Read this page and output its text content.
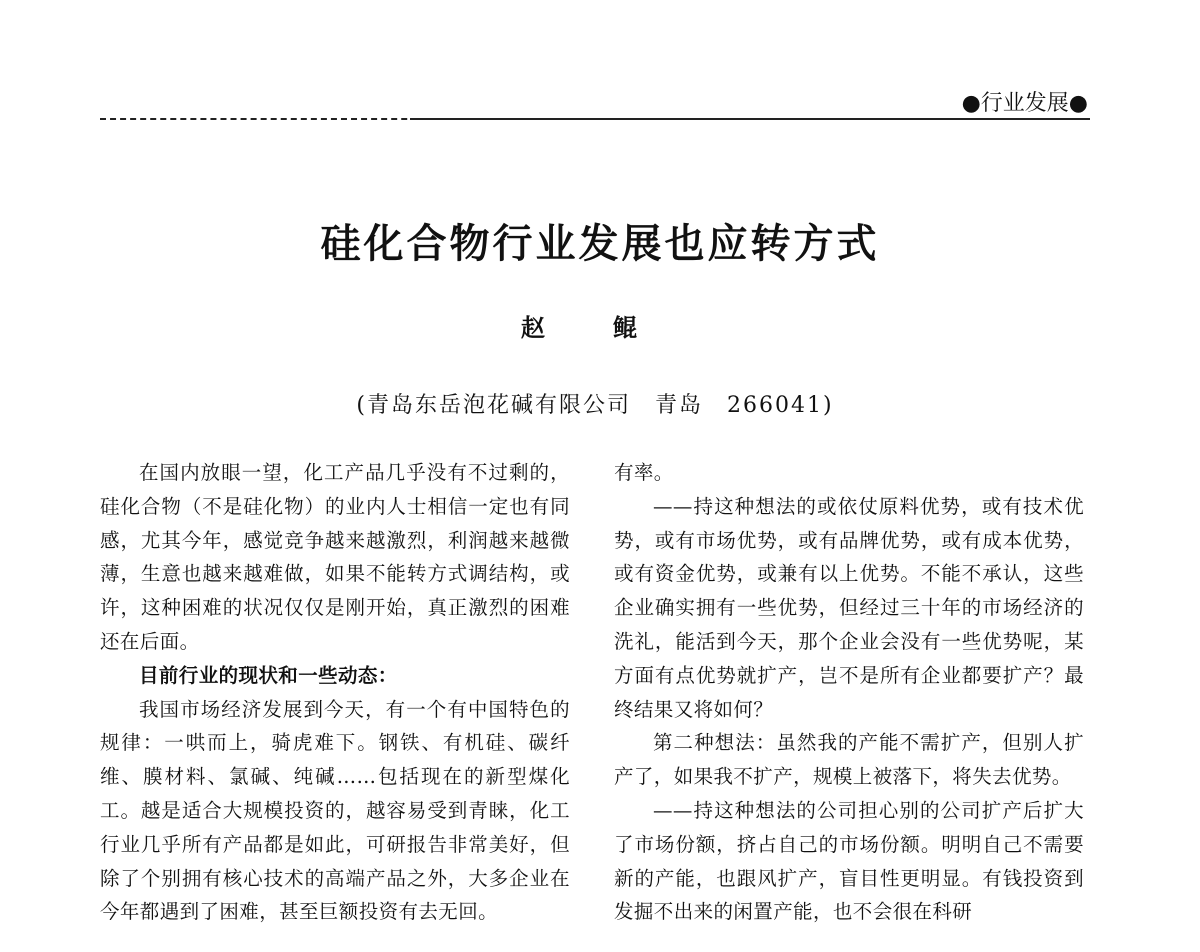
●行业发展●
硅化合物行业发展也应转方式
赵 鲲
(青岛东岳泡花碱有限公司　青岛　266041)

在国内放眼一望，化工产品几乎没有不过剩的，硅化合物（不是硅化物）的业内人士相信一定也有同感，尤其今年，感觉竞争越来越激烈，利润越来越微薄，生意也越来越难做，如果不能转方式调结构，或许，这种困难的状况仅仅是刚开始，真正激烈的困难还在后面。

目前行业的现状和一些动态：

我国市场经济发展到今天，有一个有中国特色的规律：一哄而上，骑虎难下。钢铁、有机硅、碳纤维、膜材料、氯碱、纯碱……包括现在的新型煤化工。越是适合大规模投资的，越容易受到青睐，化工行业几乎所有产品都是如此，可研报告非常美好，但除了个别拥有核心技术的高端产品之外，大多企业在今年都遇到了困难，甚至巨额投资有去无回。

有率。

——持这种想法的或依仗原料优势，或有技术优势，或有市场优势，或有品牌优势，或有成本优势，或有资金优势，或兼有以上优势。不能不承认，这些企业确实拥有一些优势，但经过三十年的市场经济的洗礼，能活到今天，那个企业会没有一些优势呢，某方面有点优势就扩产，岂不是所有企业都要扩产？最终结果又将如何？

第二种想法：虽然我的产能不需扩产，但别人扩产了，如果我不扩产，规模上被落下，将失去优势。

——持这种想法的公司担心别的公司扩产后扩大了市场份额，挤占自己的市场份额。明明自己不需要新的产能，也跟风扩产，盲目性更明显。有钱投资到发掘不出来的闲置产能，也不会很在科研
